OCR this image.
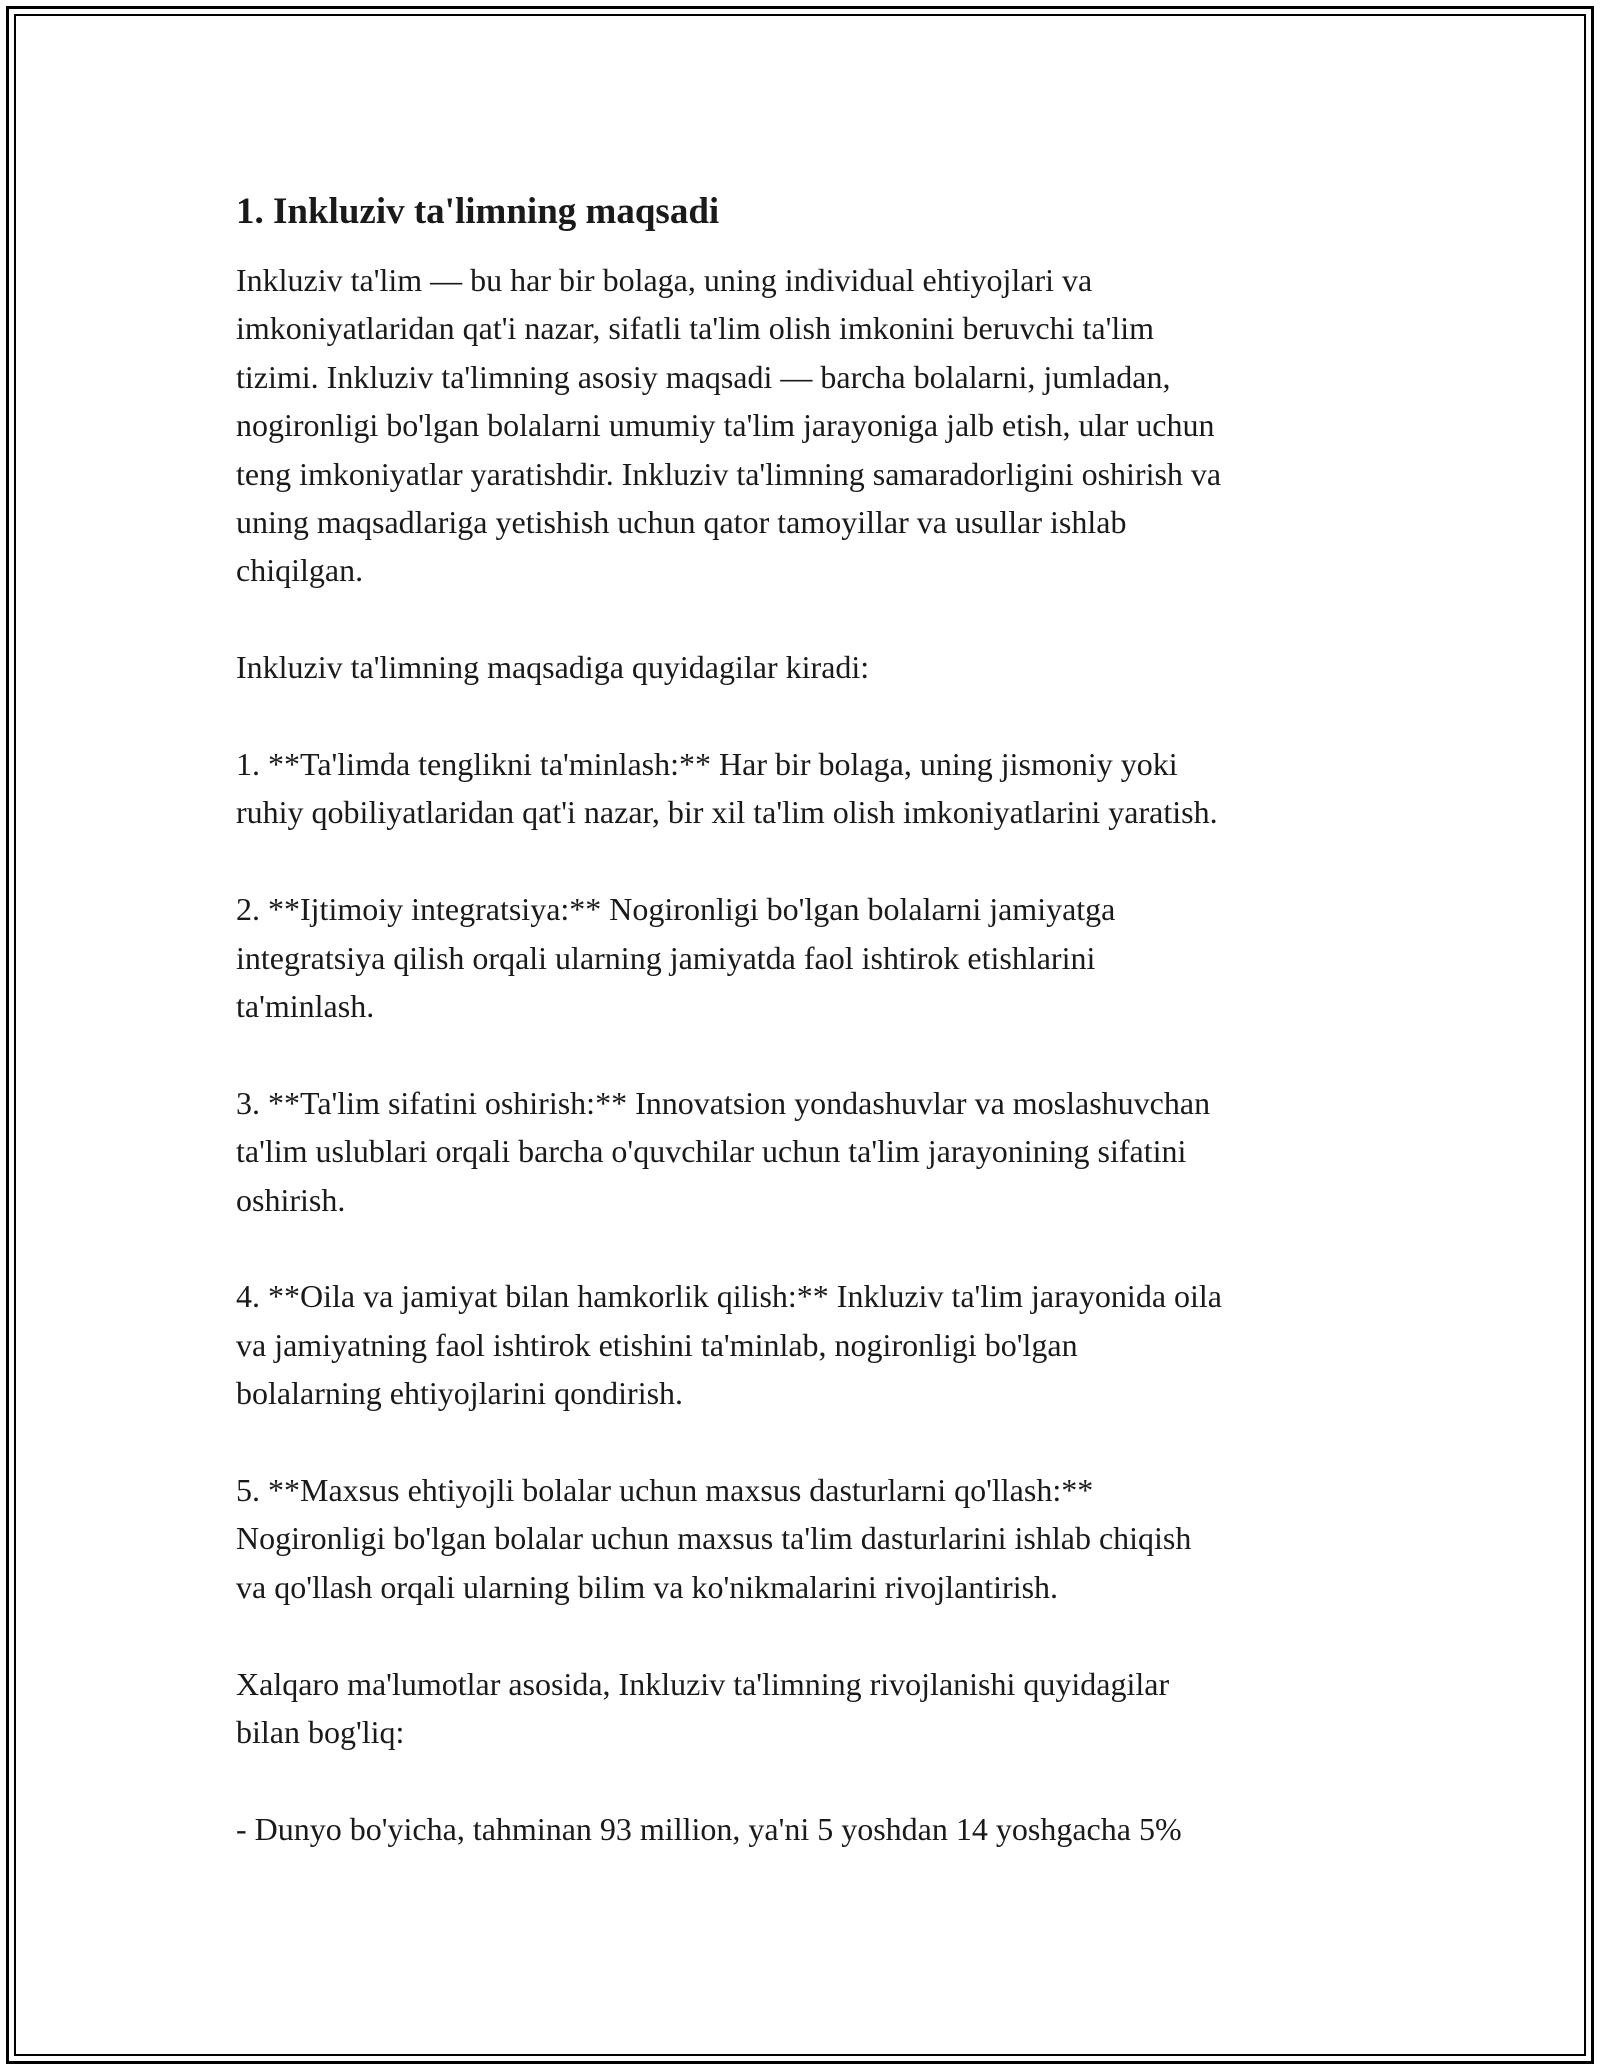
1. Inkluziv ta'limning maqsadi

Inkluziv ta'lim — bu har bir bolaga, uning individual ehtiyojlari va
imkoniyatlaridan qat'i nazar, sifatli ta'lim olish imkonini beruvchi ta'lim
tizimi. Inkluziv ta'limning asosiy maqsadi — barcha bolalarni, jumladan,
nogironligi bo'lgan bolalarni umumiy ta'lim jarayoniga jalb etish, ular uchun
teng imkoniyatlar yaratishdir. Inkluziv ta'limning samaradorligini oshirish va
uning maqsadlariga yetishish uchun qator tamoyillar va usullar ishlab
chiqilgan.

Inkluziv ta'limning maqsadiga quyidagilar kiradi:

1. **Ta'limda tenglikni ta'minlash:** Har bir bolaga, uning jismoniy yoki
ruhiy qobiliyatlaridan qat'i nazar, bir xil ta'lim olish imkoniyatlarini yaratish.

2. **Ijtimoiy integratsiya:** Nogironligi bo'lgan bolalarni jamiyatga
integratsiya qilish orqali ularning jamiyatda faol ishtirok etishlarini
ta'minlash.

3. **Ta'lim sifatini oshirish:** Innovatsion yondashuvlar va moslashuvchan
ta'lim uslublari orqali barcha o'quvchilar uchun ta'lim jarayonining sifatini
oshirish.

4. **Oila va jamiyat bilan hamkorlik qilish:** Inkluziv ta'lim jarayonida oila
va jamiyatning faol ishtirok etishini ta'minlab, nogironligi bo'lgan
bolalarning ehtiyojlarini qondirish.

5. **Maxsus ehtiyojli bolalar uchun maxsus dasturlarni qo'llash:**
Nogironligi bo'lgan bolalar uchun maxsus ta'lim dasturlarini ishlab chiqish
va qo'llash orqali ularning bilim va ko'nikmalarini rivojlantirish.

Xalqaro ma'lumotlar asosida, Inkluziv ta'limning rivojlanishi quyidagilar
bilan bog'liq:

- Dunyo bo'yicha, tahminan 93 million, ya'ni 5 yoshdan 14 yoshgacha 5%
